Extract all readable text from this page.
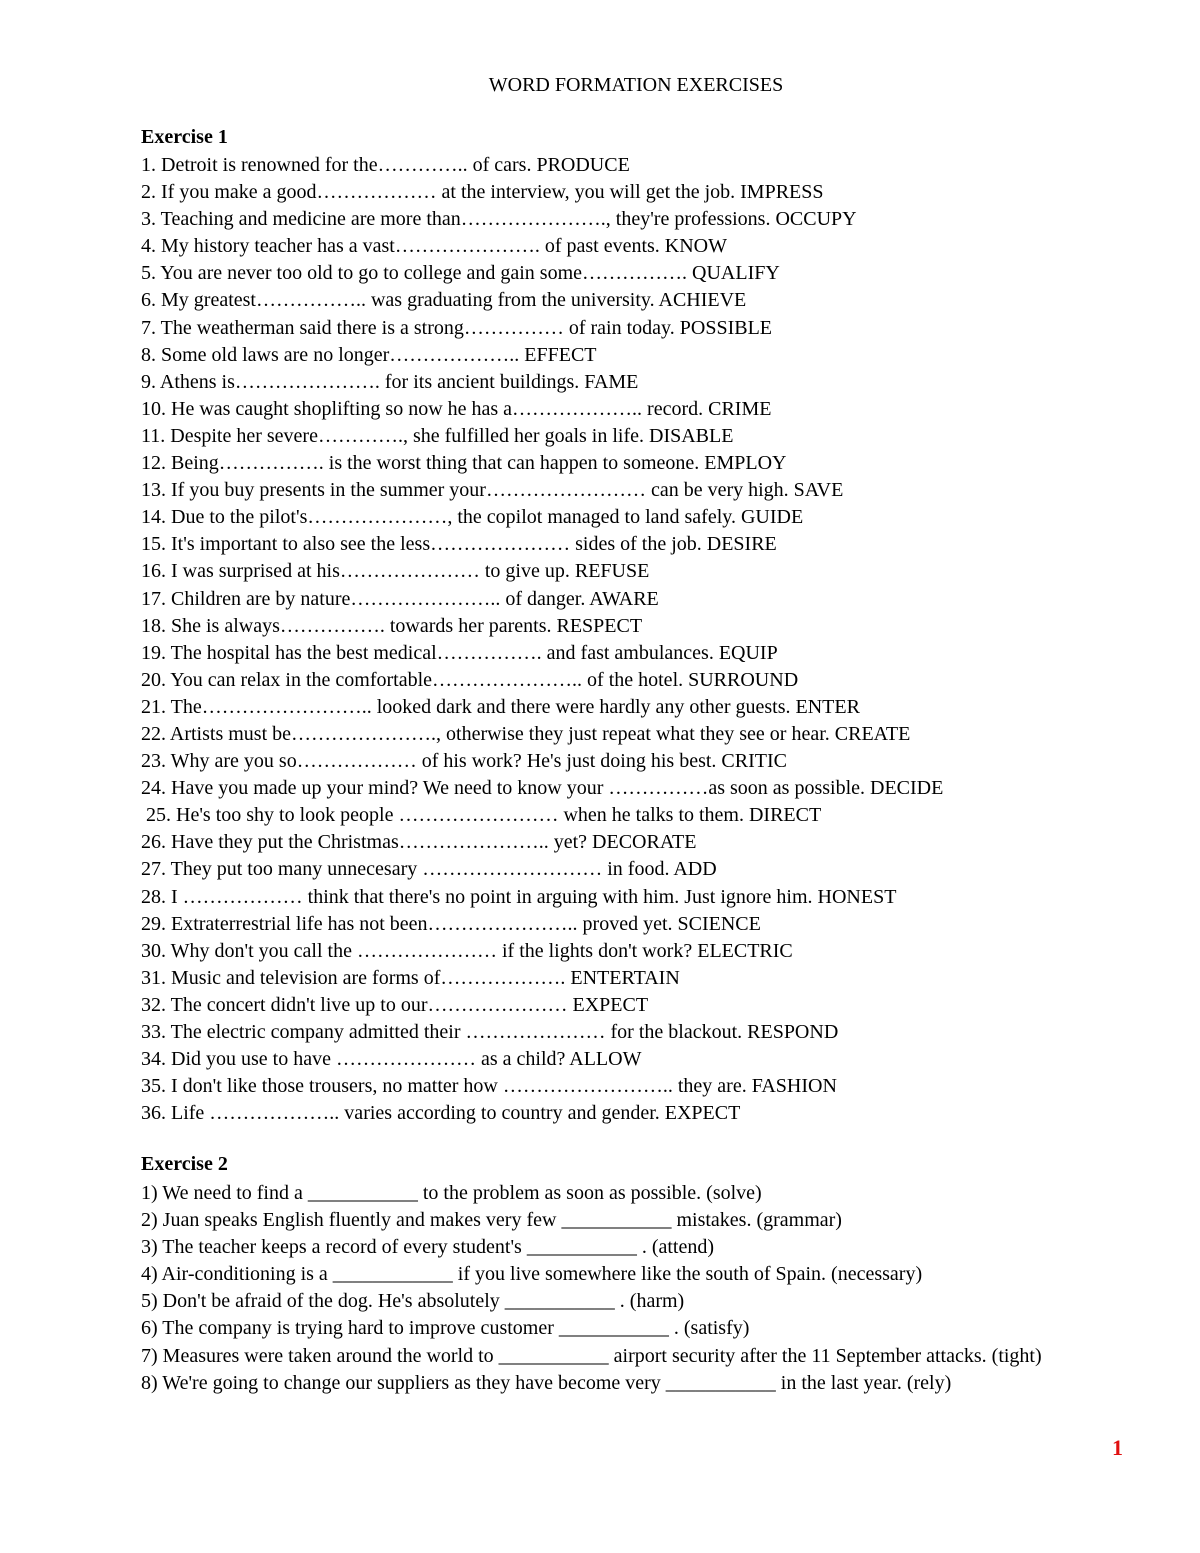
WORD FORMATION EXERCISES
Exercise 1
1. Detroit is renowned for the………….. of cars. PRODUCE
2. If you make a good……………… at the interview, you will get the job. IMPRESS
3. Teaching and medicine are more than…………………., they're professions. OCCUPY
4. My history teacher has a vast…………………. of past events. KNOW
5. You are never too old to go to college and gain some……………. QUALIFY
6. My greatest…………….. was graduating from the university. ACHIEVE
7. The weatherman said there is a strong…………… of rain today. POSSIBLE
8. Some old laws are no longer……………….. EFFECT
9. Athens is…………………. for its ancient buildings. FAME
10. He was caught shoplifting so now he has a……………….. record. CRIME
11. Despite her severe…………., she fulfilled her goals in life. DISABLE
12. Being……………. is the worst thing that can happen to someone. EMPLOY
13. If you buy presents in the summer your…………………… can be very high. SAVE
14. Due to the pilot's…………………, the copilot managed to land safely. GUIDE
15. It's important to also see the less………………… sides of the job. DESIRE
16. I was surprised at his………………… to give up. REFUSE
17. Children are by nature………………….. of danger. AWARE
18. She is always……………. towards her parents. RESPECT
19. The hospital has the best medical……………. and fast ambulances. EQUIP
20. You can relax in the comfortable………………….. of the hotel. SURROUND
21. The…………………….. looked dark and there were hardly any other guests. ENTER
22. Artists must be…………………., otherwise they just repeat what they see or hear. CREATE
23. Why are you so……………… of his work? He's just doing his best. CRITIC
24. Have you made up your mind? We need to know your ……………as soon as possible. DECIDE
25. He's too shy to look people …………………… when he talks to them. DIRECT
26. Have they put the Christmas………………….. yet? DECORATE
27. They put too many unnecesary ……………………… in food. ADD
28. I ……………… think that there's no point in arguing with him. Just ignore him. HONEST
29. Extraterrestrial life has not been………………….. proved yet. SCIENCE
30. Why don't you call the ………………… if the lights don't work? ELECTRIC
31. Music and television are forms of………………. ENTERTAIN
32. The concert didn't live up to our………………… EXPECT
33. The electric company admitted their ………………… for the blackout. RESPOND
34. Did you use to have ………………… as a child? ALLOW
35. I don't like those trousers, no matter how …………………….. they are. FASHION
36. Life ……………….. varies according to country and gender. EXPECT
Exercise 2
1) We need to find a ___________ to the problem as soon as possible. (solve)
2) Juan speaks English fluently and makes very few ___________ mistakes. (grammar)
3) The teacher keeps a record of every student's ___________ . (attend)
4) Air-conditioning is a ____________ if you live somewhere like the south of Spain. (necessary)
5) Don't be afraid of the dog. He's absolutely ___________ . (harm)
6) The company is trying hard to improve customer ___________ . (satisfy)
7) Measures were taken around the world to ___________ airport security after the 11 September attacks. (tight)
8) We're going to change our suppliers as they have become very ___________ in the last year. (rely)
1
